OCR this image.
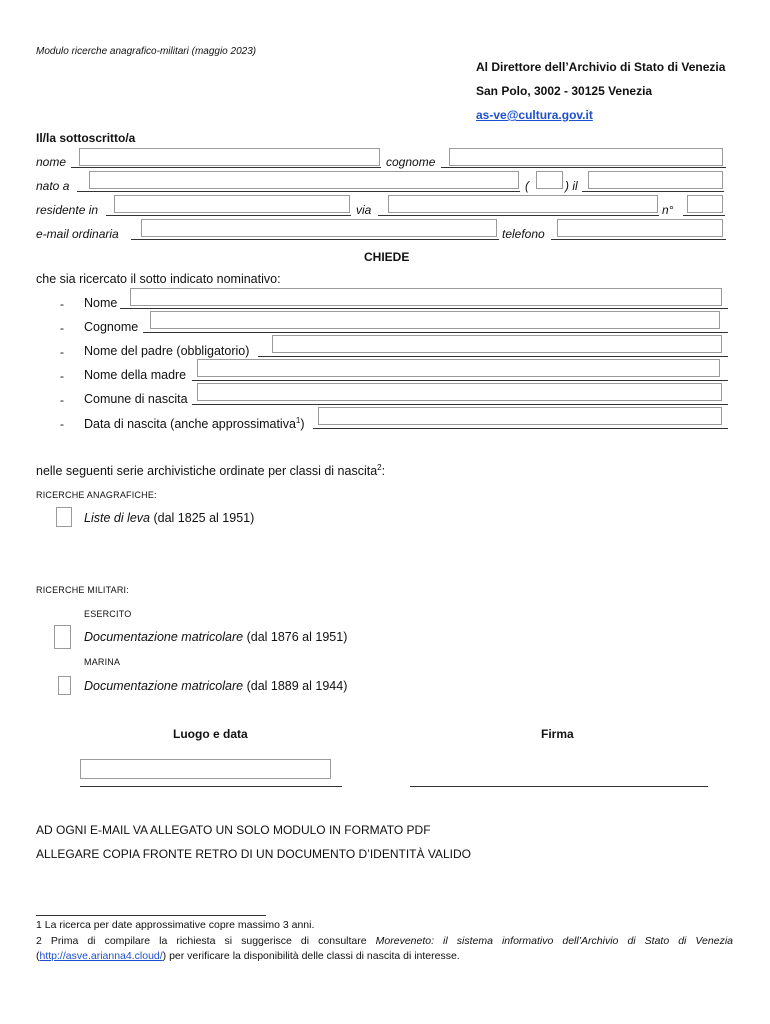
Modulo ricerche anagrafico-militari (maggio 2023)
Al Direttore dell’Archivio di Stato di Venezia
San Polo, 3002 - 30125 Venezia
as-ve@cultura.gov.it
Il/la sottoscritto/a
nome	cognome
nato a	(	) il
residente in	via	n°
e-mail ordinaria	telefono
CHIEDE
che sia ricercato il sotto indicato nominativo:
- Nome
- Cognome
- Nome del padre (obbligatorio)
- Nome della madre
- Comune di nascita
- Data di nascita (anche approssimativa$^1$)
nelle seguenti serie archivistiche ordinate per classi di nascita$^2$:
RICERCHE ANAGRAFICHE:
Liste di leva (dal 1825 al 1951)
RICERCHE MILITARI:
ESERCITO
Documentazione matricolare (dal 1876 al 1951)
MARINA
Documentazione matricolare (dal 1889 al 1944)
Luogo e data	Firma
AD OGNI E-MAIL VA ALLEGATO UN SOLO MODULO IN FORMATO PDF
ALLEGARE COPIA FRONTE RETRO DI UN DOCUMENTO D’IDENTITÀ VALIDO
1 La ricerca per date approssimative copre massimo 3 anni.
2 Prima di compilare la richiesta si suggerisce di consultare Moreveneto: il sistema informativo dell’Archivio di Stato di Venezia (http://asve.arianna4.cloud/) per verificare la disponibilità delle classi di nascita di interesse.
